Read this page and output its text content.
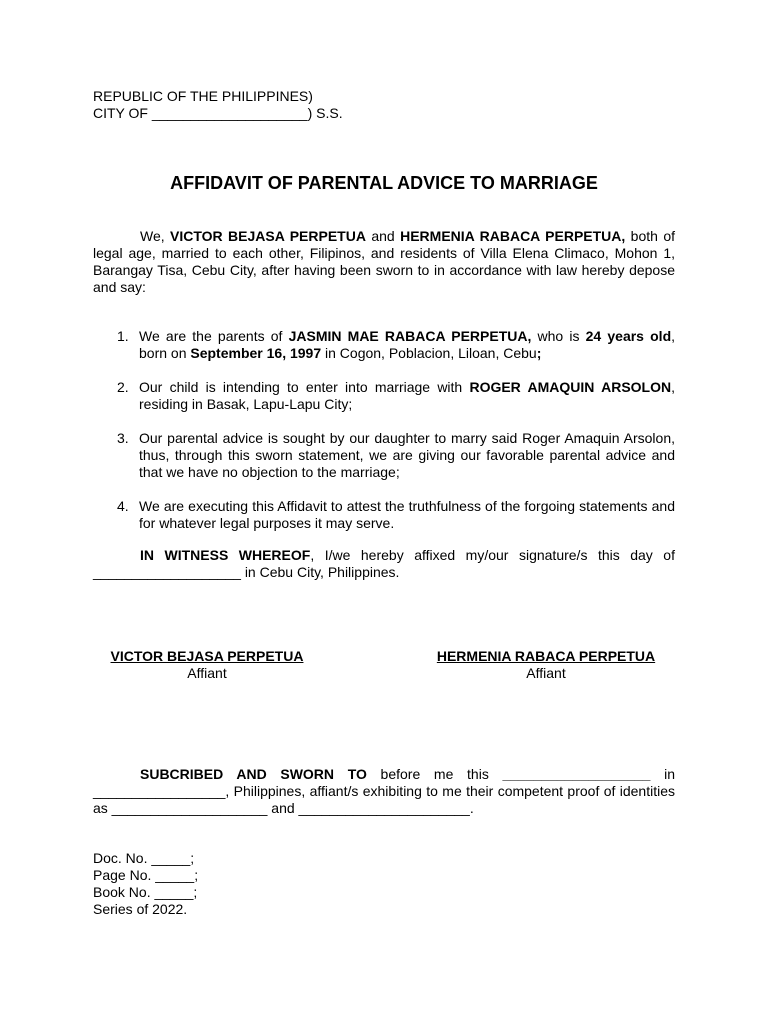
REPUBLIC OF THE PHILIPPINES)
CITY OF ____________________) S.S.
AFFIDAVIT OF PARENTAL ADVICE TO MARRIAGE
We, VICTOR BEJASA PERPETUA and HERMENIA RABACA PERPETUA, both of legal age, married to each other, Filipinos, and residents of Villa Elena Climaco, Mohon 1, Barangay Tisa, Cebu City, after having been sworn to in accordance with law hereby depose and say:
1. We are the parents of JASMIN MAE RABACA PERPETUA, who is 24 years old, born on September 16, 1997 in Cogon, Poblacion, Liloan, Cebu;
2. Our child is intending to enter into marriage with ROGER AMAQUIN ARSOLON, residing in Basak, Lapu-Lapu City;
3. Our parental advice is sought by our daughter to marry said Roger Amaquin Arsolon, thus, through this sworn statement, we are giving our favorable parental advice and that we have no objection to the marriage;
4. We are executing this Affidavit to attest the truthfulness of the forgoing statements and for whatever legal purposes it may serve.
IN WITNESS WHEREOF, I/we hereby affixed my/our signature/s this day of ___________________ in Cebu City, Philippines.
VICTOR BEJASA PERPETUA
Affiant
HERMENIA RABACA PERPETUA
Affiant
SUBCRIBED AND SWORN TO before me this ___________________ in _________________, Philippines, affiant/s exhibiting to me their competent proof of identities as ____________________ and ______________________.
Doc. No. _____;
Page No. _____;
Book No. _____;
Series of 2022.
